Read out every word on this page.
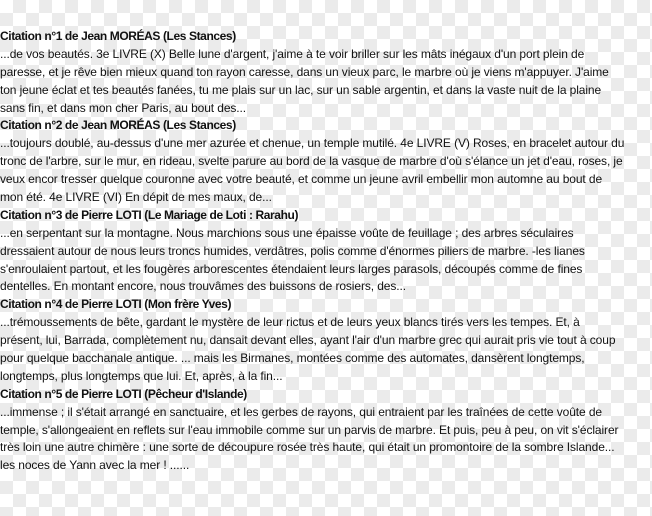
Citation n°1 de Jean MORÉAS (Les Stances)
...de vos beautés. 3e LIVRE (X) Belle lune d'argent, j'aime à te voir briller sur les mâts inégaux d'un port plein de
paresse, et je rêve bien mieux quand ton rayon caresse, dans un vieux parc, le marbre où je viens m'appuyer. J'aime
ton jeune éclat et tes beautés fanées, tu me plais sur un lac, sur un sable argentin, et dans la vaste nuit de la plaine
sans fin, et dans mon cher Paris, au bout des...
Citation n°2 de Jean MORÉAS (Les Stances)
...toujours doublé, au-dessus d'une mer azurée et chenue, un temple mutilé. 4e LIVRE (V) Roses, en bracelet autour du
tronc de l'arbre, sur le mur, en rideau, svelte parure au bord de la vasque de marbre d'où s'élance un jet d'eau, roses, je
veux encor tresser quelque couronne avec votre beauté, et comme un jeune avril embellir mon automne au bout de
mon été. 4e LIVRE (VI) En dépit de mes maux, de...
Citation n°3 de Pierre LOTI (Le Mariage de Loti : Rarahu)
...en serpentant sur la montagne. Nous marchions sous une épaisse voûte de feuillage ; des arbres séculaires
dressaient autour de nous leurs troncs humides, verdâtres, polis comme d'énormes piliers de marbre. -les lianes
s'enroulaient partout, et les fougères arborescentes étendaient leurs larges parasols, découpés comme de fines
dentelles. En montant encore, nous trouvâmes des buissons de rosiers, des...
Citation n°4 de Pierre LOTI (Mon frère Yves)
...trémoussements de bête, gardant le mystère de leur rictus et de leurs yeux blancs tirés vers les tempes. Et, à
présent, lui, Barrada, complètement nu, dansait devant elles, ayant l'air d'un marbre grec qui aurait pris vie tout à coup
pour quelque bacchanale antique. ... mais les Birmanes, montées comme des automates, dansèrent longtemps,
longtemps, plus longtemps que lui. Et, après, à la fin...
Citation n°5 de Pierre LOTI (Pêcheur d'Islande)
...immense ; il s'était arrangé en sanctuaire, et les gerbes de rayons, qui entraient par les traînées de cette voûte de
temple, s'allongeaient en reflets sur l'eau immobile comme sur un parvis de marbre. Et puis, peu à peu, on vit s'éclairer
très loin une autre chimère : une sorte de découpure rosée très haute, qui était un promontoire de la sombre Islande...
les noces de Yann avec la mer ! ......
